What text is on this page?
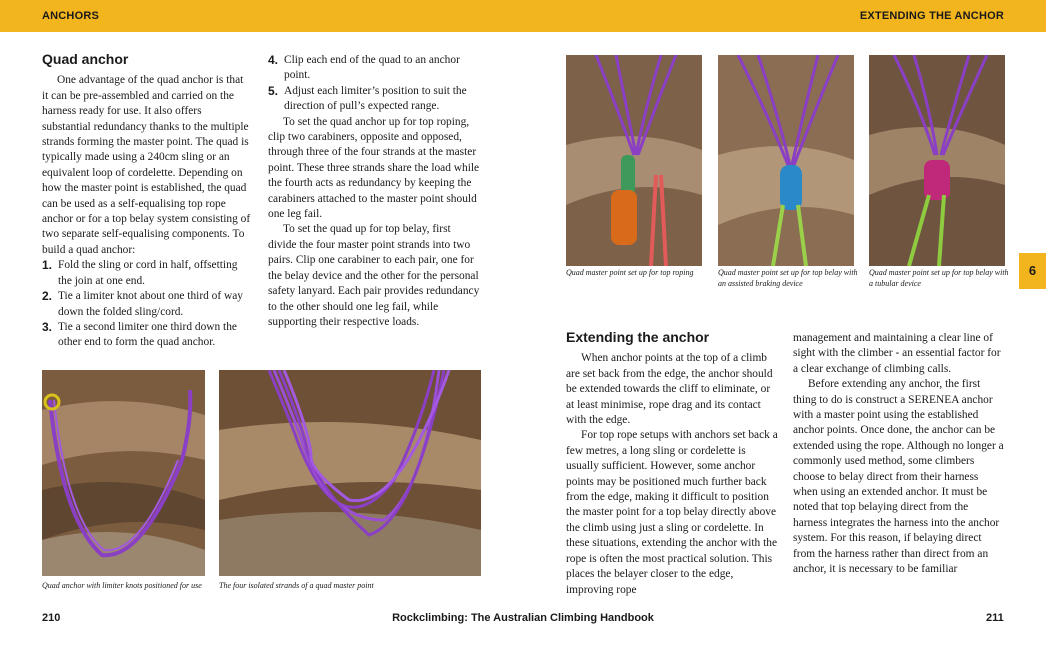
ANCHORS	EXTENDING THE ANCHOR
6
Quad anchor

One advantage of the quad anchor is that it can be pre-assembled and carried on the harness ready for use. It also offers substantial redundancy thanks to the multiple strands forming the master point. The quad is typically made using a 240cm sling or an equivalent loop of cordelette. Depending on how the master point is established, the quad can be used as a self-equalising top rope anchor or for a top belay system consisting of two separate self-equalising components. To build a quad anchor:

1. Fold the sling or cord in half, offsetting the join at one end.
2. Tie a limiter knot about one third of way down the folded sling/cord.
3. Tie a second limiter one third down the other end to form the quad anchor.
4. Clip each end of the quad to an anchor point.
5. Adjust each limiter’s position to suit the direction of pull’s expected range.

To set the quad anchor up for top roping, clip two carabiners, opposite and opposed, through three of the four strands at the master point. These three strands share the load while the fourth acts as redundancy by keeping the carabiners attached to the master point should one leg fail.

To set the quad up for top belay, first divide the four master point strands into two pairs. Clip one carabiner to each pair, one for the belay device and the other for the personal safety lanyard. Each pair provides redundancy to the other should one leg fail, while supporting their respective loads.

Quad anchor with limiter knots positioned for use	The four isolated strands of a quad master point
Quad master point set up for top roping	Quad master point set up for top belay with an assisted braking device
Quad master point set up for top belay with a tubular device
Extending the anchor

When anchor points at the top of a climb are set back from the edge, the anchor should be extended towards the cliff to eliminate, or at least minimise, rope drag and its contact with the edge.

For top rope setups with anchors set back a few metres, a long sling or cordelette is usually sufficient. However, some anchor points may be positioned much further back from the edge, making it difficult to position the master point for a top belay directly above the climb using just a sling or cordelette. In these situations, extending the anchor with the rope is often the most practical solution. This places the belayer closer to the edge, improving rope

management and maintaining a clear line of sight with the climber - an essential factor for a clear exchange of climbing calls.

Before extending any anchor, the first thing to do is construct a SERENEA anchor with a master point using the established anchor points. Once done, the anchor can be extended using the rope. Although no longer a commonly used method, some climbers choose to belay direct from their harness when using an extended anchor. It must be noted that top belaying direct from the harness integrates the harness into the anchor system. For this reason, if belaying direct from the harness rather than direct from an anchor, it is necessary to be familiar

Rockclimbing: The Australian Climbing Handbook
210	211
